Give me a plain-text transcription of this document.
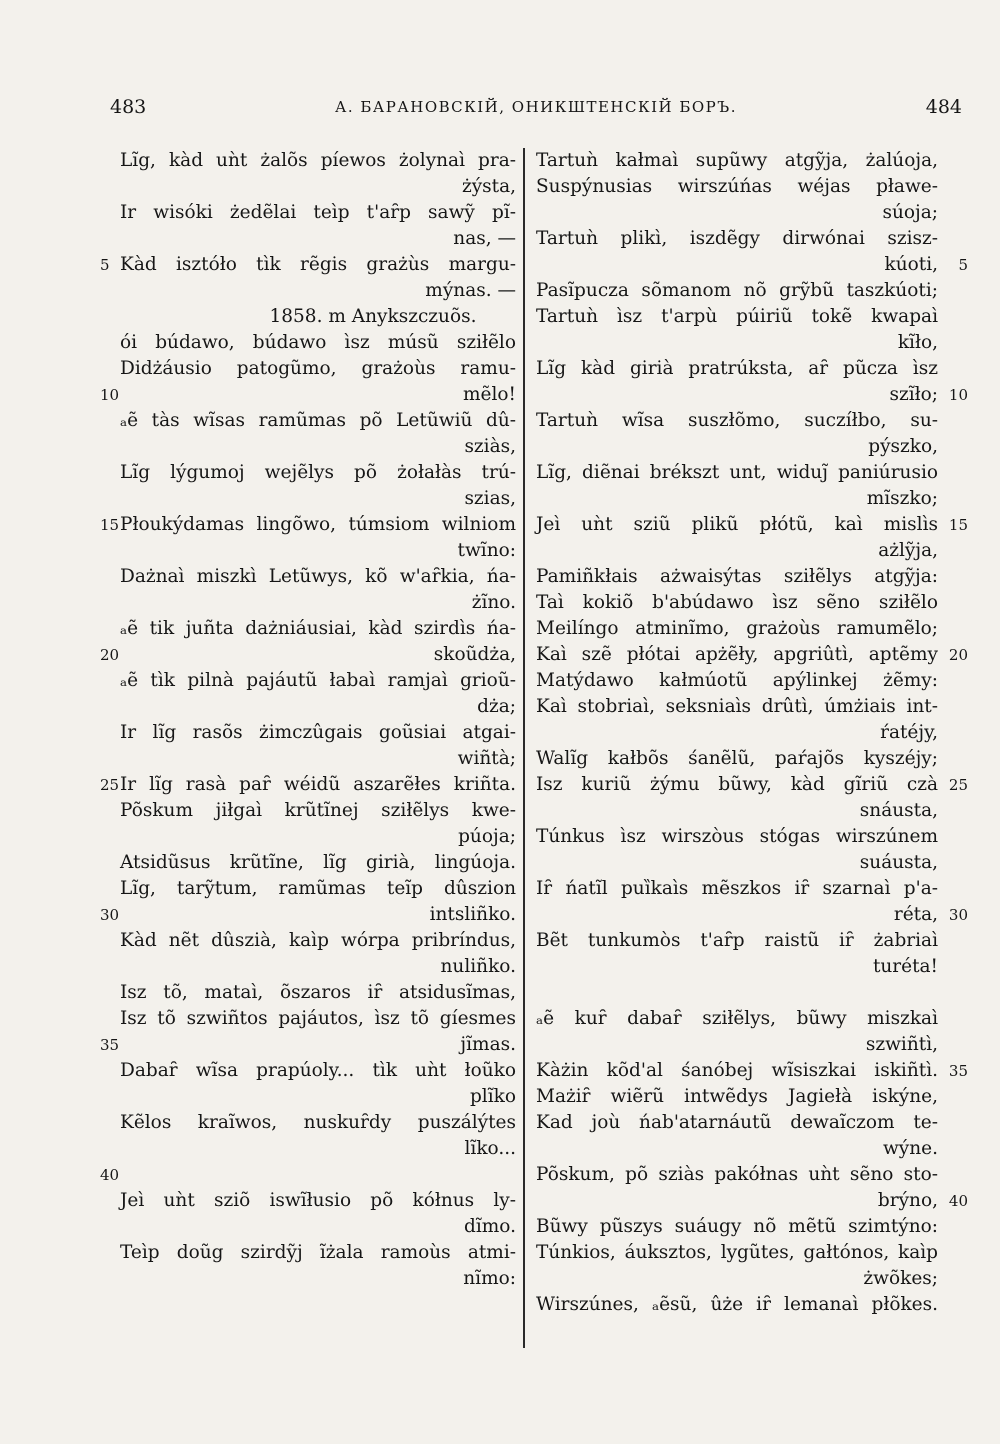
483	А. БАРАНОВСКІЙ, ОНИКШТЕНСКІЙ БОРЪ.	484
Lĩg, kàd uǹt żalõs píewos żolynaì pra-
żýsta,
Ir wisóki żedẽlai teìp t'aȓp sawỹ pĩ-
nas, —
Kàd isztóło tìk rẽgis grażùs margu-
5
mýnas. —
1858. m Anykszczuõs.
ói búdawo, búdawo ìsz músũ sziłẽlo
Didżáusio patogũmo, grażoùs ramu-
mẽlo!
10
ₐẽ tàs wĩsas ramũmas põ Letũwiũ dû-
sziàs,
Lĩg lýgumoj wejẽlys põ żołałàs trú-
szias,
Płoukýdamas lingõwo, túmsiom wilniom
15
twĩno:
Dażnaì miszkì Letũwys, kõ w'aȓkia, ńa-
żĩno.
ₐẽ tik juñta dażniáusiai, kàd szirdìs ńa-
skoũdża,
20
ₐẽ tìk pilnà pajáutũ łabaì ramjaì grioũ-
dża;
Ir lĩg rasõs żimczûgais goũsiai atgai-
wiñtà;
Ir lĩg rasà paȓ wéidũ aszarẽłes kriñta.
25
Põskum jiłgaì krũtĩnej sziłẽlys kwe-
púoja;
Atsidũsus krũtĩne, lĩg girià, lingúoja.
Lĩg, tarỹtum, ramũmas teĩp dûszion
intsliñko.
30
Kàd nẽt dûszià, kaìp wórpa pribríndus,
nuliñko.
Isz tõ, mataì, õszaros iȓ atsidusĩmas,
Isz tõ szwiñtos pajáutos, ìsz tõ gíesmes
jĩmas.
35
Dabaȓ wĩsa prapúoly... tìk uǹt łoũko
plĩko
Kẽlos kraĩwos, nuskuȓdy puszálýtes
lĩko...
40
Jeì uǹt sziõ iswĩłusio põ kółnus ly-
dĩmo.
Teìp doũg szirdỹj ĩżala ramoùs atmi-
nĩmo:
Tartuǹ kałmaì supũwy atgỹja, żalúoja,
Suspýnusias wirszúńas wéjas pławe-
súoja;
Tartuǹ plikì, iszdẽgy dirwónai szisz-
kúoti, 5
Pasĩpucza sõmanom nõ grỹbũ taszkúoti;
Tartuǹ ìsz t'arpù púiriũ tokẽ kwapaì
kĩło,
Lĩg kàd girià pratrúksta, aȓ pũcza ìsz
szĩło; 10
Tartuǹ wĩsa suszłõmo, suczíłbo, su-
pýszko,
Lĩg, diẽnai brékszt unt, widuj̃ paniúrusio
mĩszko;
Jeì uǹt sziũ plikũ płótũ, kaì mislìs 15
ażlỹja,
Pamiñkłais ażwaisýtas sziłẽlys atgỹja:
Taì kokiõ b'abúdawo ìsz sẽno sziłẽlo
Meilíngo atminĩmo, grażoùs ramumẽlo;
Kaì szẽ płótai apżẽły, apgriûtì, aptẽmy 20
Matýdawo kałmúotũ apýlinkej żẽmy:
Kaì stobriaì, seksniaìs drûtì, úmżiais int-
ŕatéjy,
Walĩg kałbõs śanẽlũ, paŕajõs kyszéjy;
Isz kuriũ żýmu bũwy, kàd gĩriũ czà 25
snáusta,
Túnkus ìsz wirszòus stógas wirszúnem
suáusta,
Iȓ ńatĩl puȉkaìs mẽszkos iȓ szarnaì p'a-
réta, 30
Bẽt tunkumòs t'aȓp raistũ iȓ żabriaì
turéta!
ₐẽ kuȓ dabaȓ sziłẽlys, bũwy miszkaì
szwiñtì,
Kàżin kõd'al śanóbej wĩsiszkai iskiñtì. 35
Mażiȓ wiẽrũ intwẽdys Jagiełà iskýne,
Kad joù ńab'atarnáutũ dewaĩczom te-
wýne.
Põskum, põ sziàs pakółnas uǹt sẽno sto-
brýno, 40
Bũwy pũszys suáugy nõ mẽtũ szimtýno:
Túnkios, áuksztos, lygũtes, gałtónos, kaìp
żwõkes;
Wirszúnes, ₐẽsũ, ûże iȓ lemanaì płõkes.
